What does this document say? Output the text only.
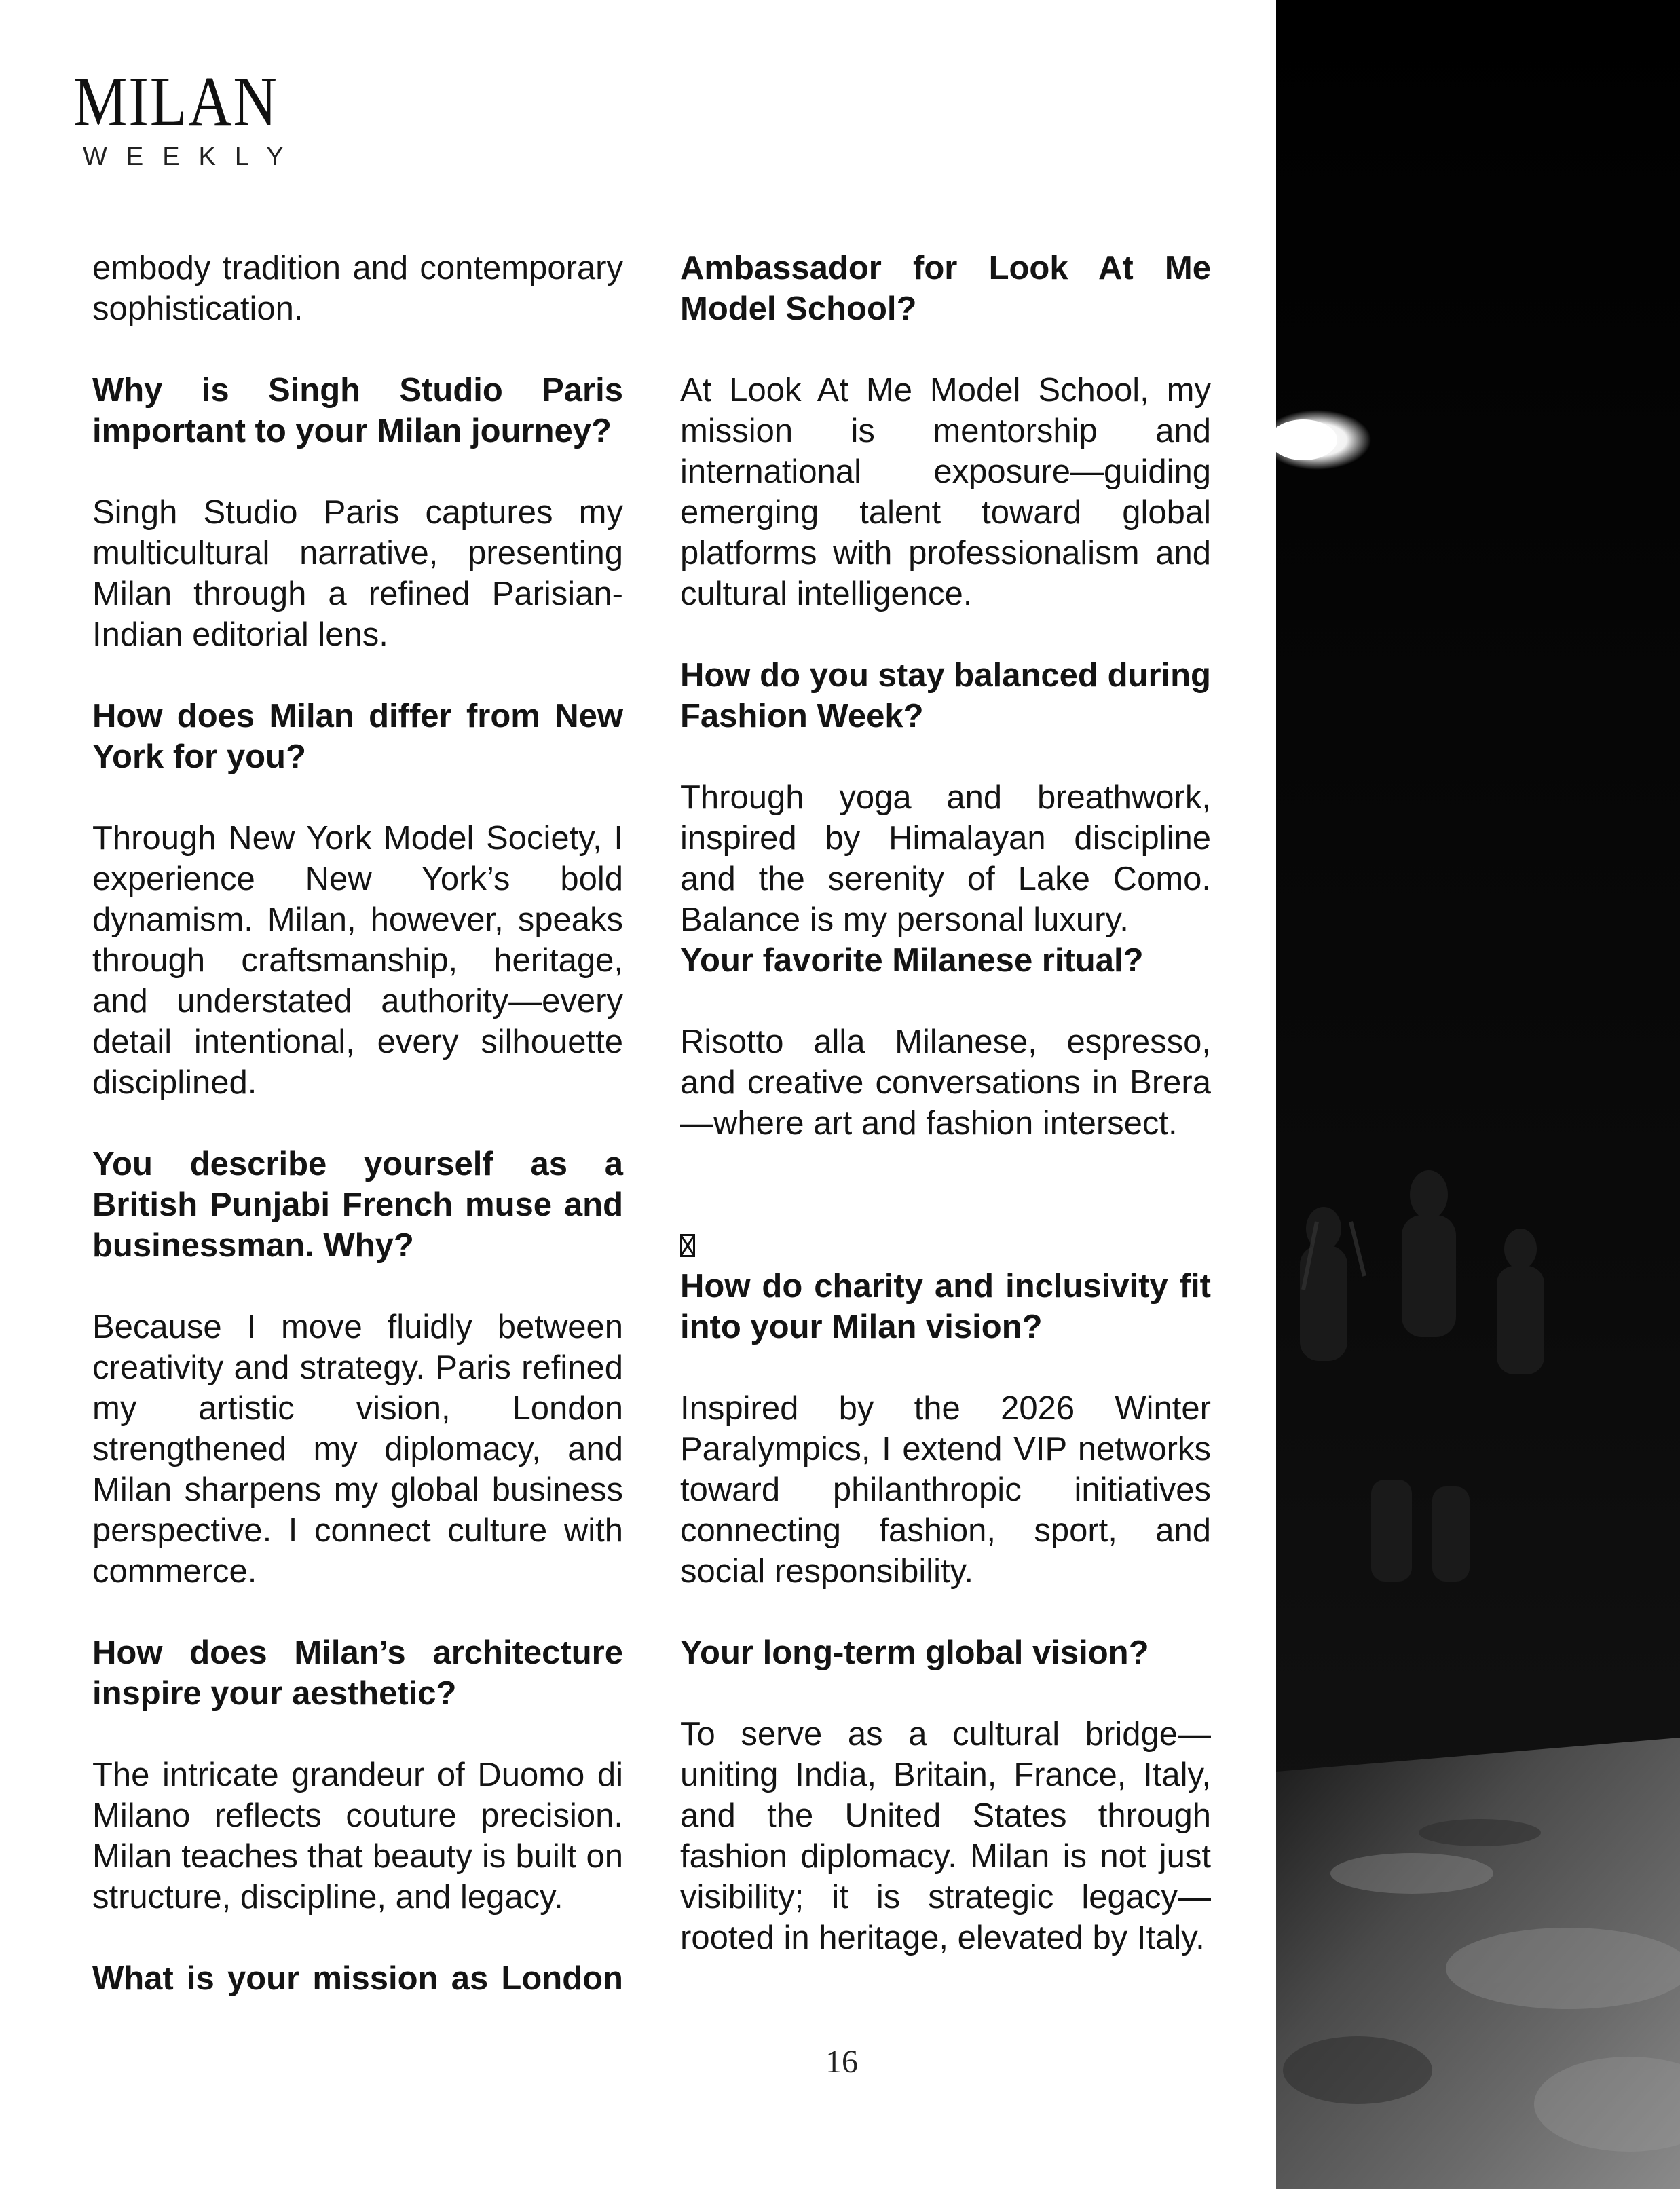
MILAN
WEEKLY

embody tradition and contemporary sophistication.

Why is Singh Studio Paris important to your Milan journey?

Singh Studio Paris captures my multicultural narrative, presenting Milan through a refined Parisian-Indian editorial lens.

How does Milan differ from New York for you?

Through New York Model Society, I experience New York’s bold dynamism. Milan, however, speaks through craftsmanship, heritage, and understated authority—every detail intentional, every silhouette disciplined.

You describe yourself as a British Punjabi French muse and businessman. Why?

Because I move fluidly between creativity and strategy. Paris refined my artistic vision, London strengthened my diplomacy, and Milan sharpens my global business perspective. I connect culture with commerce.

How does Milan’s architecture inspire your aesthetic?

The intricate grandeur of Duomo di Milano reflects couture precision. Milan teaches that beauty is built on structure, discipline, and legacy.

What is your mission as London

Ambassador for Look At Me Model School?

At Look At Me Model School, my mission is mentorship and international exposure—guiding emerging talent toward global platforms with professionalism and cultural intelligence.

How do you stay balanced during Fashion Week?

Through yoga and breathwork, inspired by Himalayan discipline and the serenity of Lake Como. Balance is my personal luxury.

Your favorite Milanese ritual?

Risotto alla Milanese, espresso, and creative conversations in Brera—where art and fashion intersect.

How do charity and inclusivity fit into your Milan vision?

Inspired by the 2026 Winter Paralympics, I extend VIP networks toward philanthropic initiatives connecting fashion, sport, and social responsibility.

Your long-term global vision?

To serve as a cultural bridge—uniting India, Britain, France, Italy, and the United States through fashion diplomacy. Milan is not just visibility; it is strategic legacy—rooted in heritage, elevated by Italy.

16
